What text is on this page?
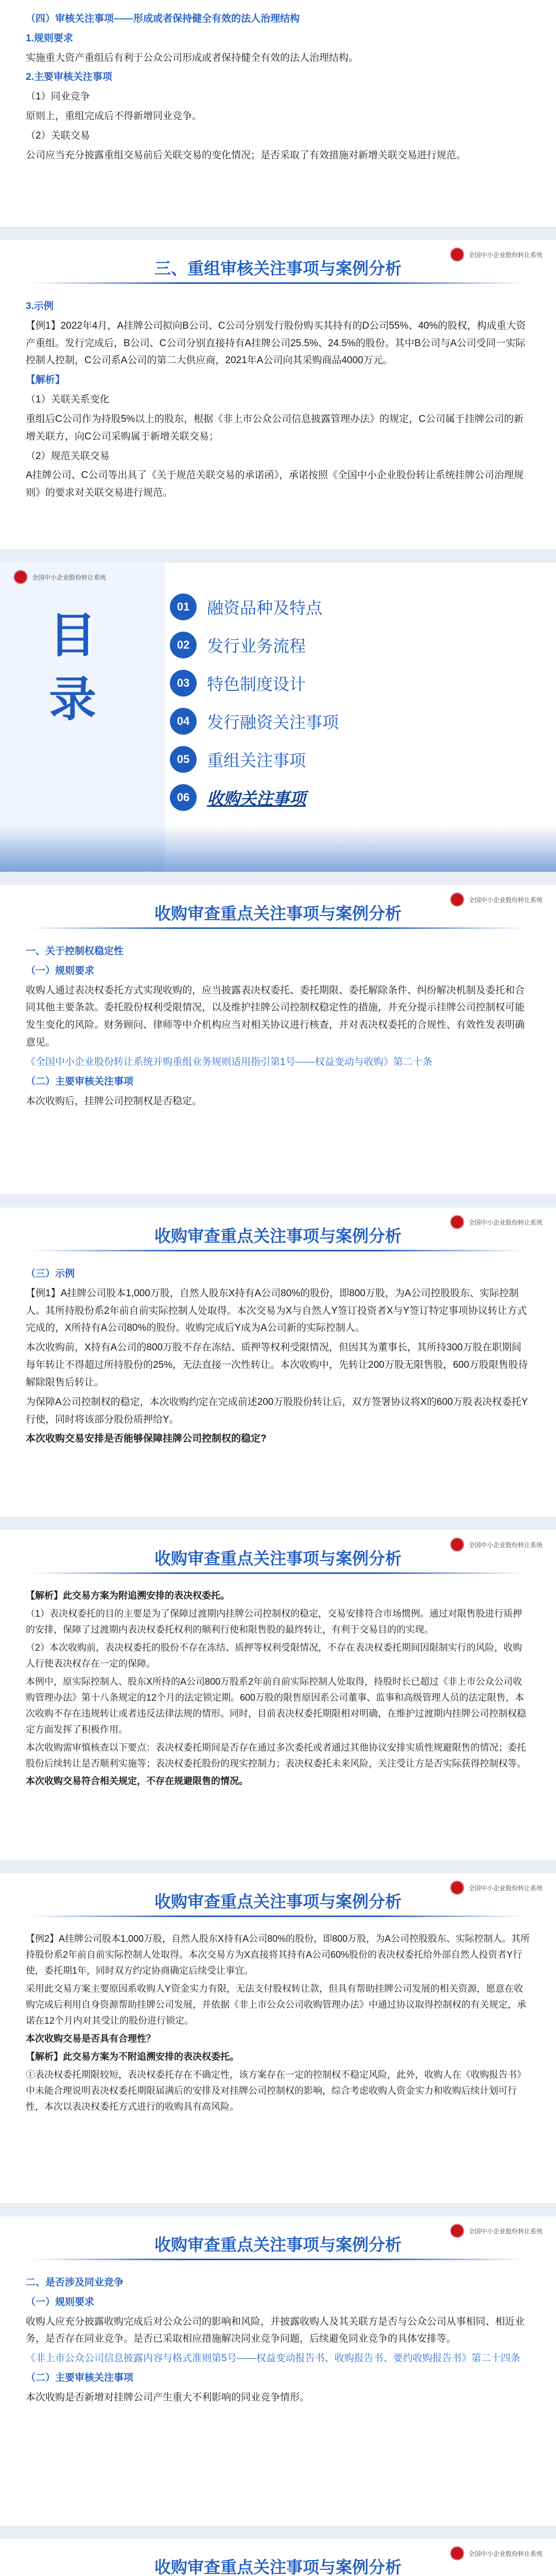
（四）审核关注事项——形成或者保持健全有效的法人治理结构

1.规则要求

实施重大资产重组后有利于公众公司形成或者保持健全有效的法人治理结构。

2.主要审核关注事项

（1）同业竞争

原则上，重组完成后不得新增同业竞争。

（2）关联交易

公司应当充分披露重组交易前后关联交易的变化情况；是否采取了有效措施对新增关联交易进行规范。

全国中小企业股份转让系统
三、重组审核关注事项与案例分析

3.示例

【例1】2022年4月，A挂牌公司拟向B公司、C公司分别发行股份购买其持有的D公司55%、40%的股权，构成重大资产重组。发行完成后，B公司、C公司分别直接持有A挂牌公司25.5%、24.5%的股份。其中B公司与A公司受同一实际控制人控制，C公司系A公司的第二大供应商，2021年A公司向其采购商品4000万元。

【解析】

（1）关联关系变化

重组后C公司作为持股5%以上的股东，根据《非上市公众公司信息披露管理办法》的规定，C公司属于挂牌公司的新增关联方，向C公司采购属于新增关联交易；

（2）规范关联交易

A挂牌公司、C公司等出具了《关于规范关联交易的承诺函》，承诺按照《全国中小企业股份转让系统挂牌公司治理规则》的要求对关联交易进行规范。

全国中小企业股份转让系统
目录
01	融资品种及特点
02	发行业务流程
03	特色制度设计
04	发行融资关注事项
05	重组关注事项
06	收购关注事项
全国中小企业股份转让系统
收购审查重点关注事项与案例分析

一、关于控制权稳定性

（一）规则要求

收购人通过表决权委托方式实现收购的，应当披露表决权委托、委托期限、委托解除条件、纠纷解决机制及委托和合同其他主要条款。委托股份权利受限情况，以及维护挂牌公司控制权稳定性的措施，并充分提示挂牌公司控制权可能发生变化的风险。财务顾问、律师等中介机构应当对相关协议进行核查，并对表决权委托的合规性、有效性发表明确意见。

《全国中小企业股份转让系统并购重组业务规则适用指引第1号——权益变动与收购》第二十条

（二）主要审核关注事项

本次收购后，挂牌公司控制权是否稳定。

全国中小企业股份转让系统
收购审查重点关注事项与案例分析

（三）示例

【例1】A挂牌公司股本1,000万股，自然人股东X持有A公司80%的股份，即800万股，为A公司控股股东、实际控制人。其所持股份系2年前自前实际控制人处取得。本次交易为X与自然人Y签订投资者X与Y签订特定事项协议转让方式完成的，X所持有A公司80%的股份。收购完成后Y成为A公司新的实际控制人。

本次收购前，X持有A公司的800万股不存在冻结、质押等权利受限情况，但因其为董事长，其所持300万股在职期间每年转让不得超过所持股份的25%，无法直接一次性转让。本次收购中，先转让200万股无限售股，600万股限售股待解除限售后转让。

为保障A公司控制权的稳定，本次收购约定在完成前述200万股股份转让后，双方签署协议将X的600万股表决权委托Y行使，同时将该部分股份质押给Y。

本次收购交易安排是否能够保障挂牌公司控制权的稳定?

全国中小企业股份转让系统
收购审查重点关注事项与案例分析

【解析】此交易方案为附追溯安排的表决权委托。

（1）表决权委托的目的主要是为了保障过渡期内挂牌公司控制权的稳定，交易安排符合市场惯例。通过对限售股进行质押的安排，保障了过渡期内表决权委托权利的顺利行使和限售股的最终转让，有利于交易目的的实现。

（2）本次收购前，表决权委托的股份不存在冻结、质押等权利受限情况，不存在表决权委托期间因限制实行的风险，收购人行使表决权存在一定的保障。

本例中，原实际控制人、股东X所持的A公司800万股系2年前自前实际控制人处取得，持股时长已超过《非上市公众公司收购管理办法》第十八条规定的12个月的法定锁定期。600万股的限售原因系公司董事、监事和高级管理人员的法定限售，本次收购不存在违规转让或者违反法律法规的情形。同时，目前表决权委托期限相对明确，在维护过渡期内挂牌公司控制权稳定方面发挥了积极作用。

本次收购需审慎核查以下要点：表决权委托期间是否存在通过多次委托或者通过其他协议安排实质性规避限售的情况；委托股份后续转让是否顺利实施等；表决权委托股份的现实控制力；表决权委托未来风险，关注受让方是否实际获得控制权等。

本次收购交易符合相关规定，不存在规避限售的情况。

全国中小企业股份转让系统
收购审查重点关注事项与案例分析

【例2】A挂牌公司股本1,000万股，自然人股东X持有A公司80%的股份，即800万股，为A公司控股股东、实际控制人。其所持股份系2年前自前实际控制人处取得。本次交易方为X直接将其持有A公司60%股份的表决权委托给外部自然人投资者Y行使，委托期1年，同时双方约定协商确定后续受让事宜。

采用此交易方案主要原因系收购人Y资金实力有限，无法支付股权转让款，但具有帮助挂牌公司发展的相关资源，愿意在收购完成后利用自身资源帮助挂牌公司发展，并依据《非上市公众公司收购管理办法》中通过协议取得控制权的有关规定，承诺在12个月内对其受让的股份进行锁定。

本次收购交易是否具有合理性？

【解析】此交易方案为不附追溯安排的表决权委托。

①表决权委托期限较短，表决权委托存在不确定性，该方案存在一定的控制权不稳定风险，此外，收购人在《收购报告书》中未能合理说明表决权委托期限届满后的安排及对挂牌公司控制权的影响，综合考虑收购人资金实力和收购后续计划可行性，本次以表决权委托方式进行的收购具有高风险。

全国中小企业股份转让系统
收购审查重点关注事项与案例分析

二、是否涉及同业竞争

（一）规则要求

收购人应充分披露收购完成后对公众公司的影响和风险，并披露收购人及其关联方是否与公众公司从事相同、相近业务，是否存在同业竞争。是否已采取相应措施解决同业竞争问题，后续避免同业竞争的具体安排等。

《非上市公众公司信息披露内容与格式准则第5号——权益变动报告书、收购报告书、要约收购报告书》第二十四条

（二）主要审核关注事项

本次收购是否新增对挂牌公司产生重大不利影响的同业竞争情形。

全国中小企业股份转让系统
收购审查重点关注事项与案例分析
